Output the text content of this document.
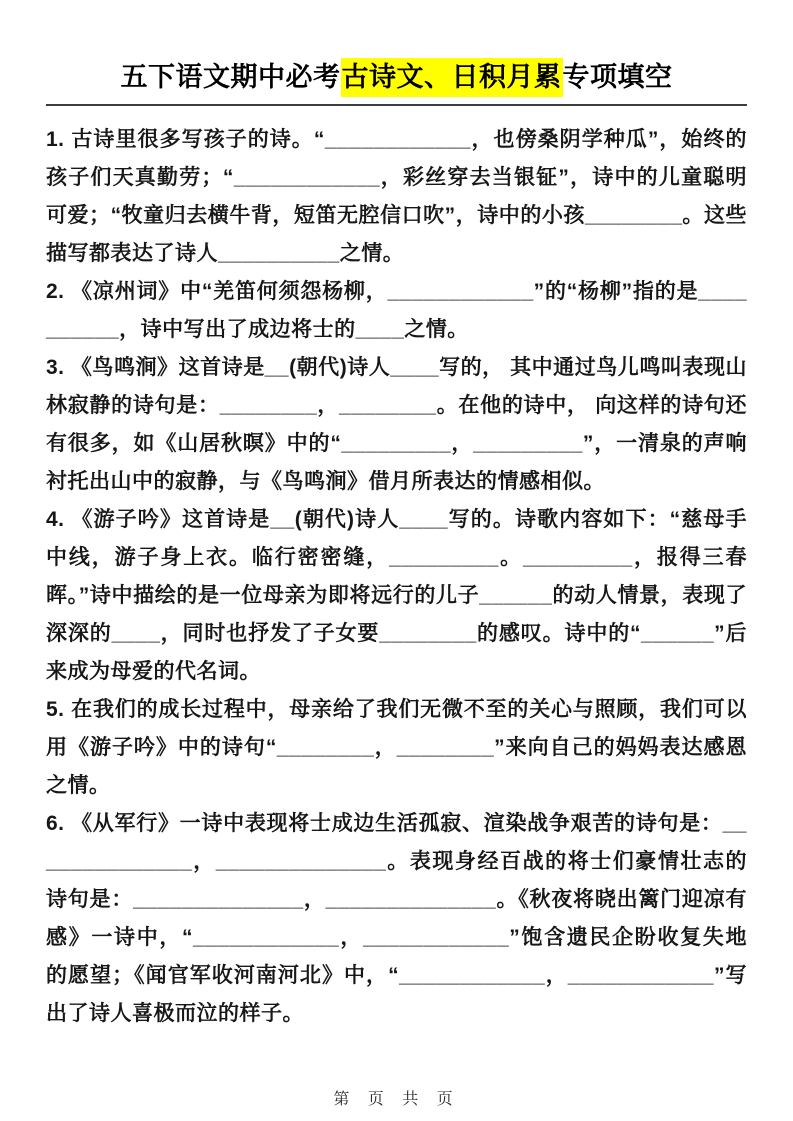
五下语文期中必考古诗文、日积月累专项填空

1. 古诗里很多写孩子的诗。“____________，也傍桑阴学种瓜”，始终的孩子们天真勤劳；“____________，彩丝穿去当银钲”，诗中的儿童聪明可爱；“牧童归去横牛背，短笛无腔信口吹”，诗中的小孩________。这些描写都表达了诗人__________之情。

2. 《凉州词》中“羌笛何须怨杨柳，____________”的“杨柳”指的是__________，诗中写出了成边将士的____之情。

3. 《鸟鸣涧》这首诗是__(朝代)诗人____写的， 其中通过鸟儿鸣叫表现山林寂静的诗句是：________，________。在他的诗中， 向这样的诗句还有很多，如《山居秋暝》中的“_________，_________”，一清泉的声响衬托出山中的寂静，与《鸟鸣涧》借月所表达的情感相似。

4. 《游子吟》这首诗是__(朝代)诗人____写的。诗歌内容如下：“慈母手中线，游子身上衣。临行密密缝，_________。_________，报得三春晖。”诗中描绘的是一位母亲为即将远行的儿子______的动人情景，表现了深深的____，同时也抒发了子女要________的感叹。诗中的“______”后来成为母爱的代名词。

5. 在我们的成长过程中，母亲给了我们无微不至的关心与照顾，我们可以用《游子吟》中的诗句“________，________”来向自己的妈妈表达感恩之情。

6. 《从军行》一诗中表现将士成边生活孤寂、渲染战争艰苦的诗句是：______________，______________。表现身经百战的将士们豪情壮志的诗句是：______________，______________。《秋夜将晓出篱门迎凉有感》一诗中，“____________，____________”饱含遗民企盼收复失地的愿望；《闻官军收河南河北》中，“____________，____________”写出了诗人喜极而泣的样子。

第 页 共 页
